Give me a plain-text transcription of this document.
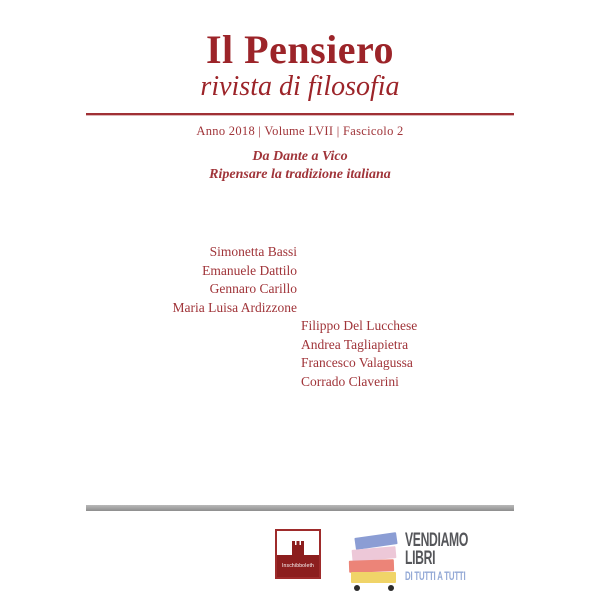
Il Pensiero
rivista di filosofia
Anno 2018 | Volume LVII | Fascicolo 2
Da Dante a Vico
Ripensare la tradizione italiana
Simonetta Bassi
Emanuele Dattilo
Gennaro Carillo
Maria Luisa Ardizzone
Filippo Del Lucchese
Andrea Tagliapietra
Francesco Valagussa
Corrado Claverini
Inschibboleth
VENDIAMO
LIBRI
DI TUTTI A TUTTI
